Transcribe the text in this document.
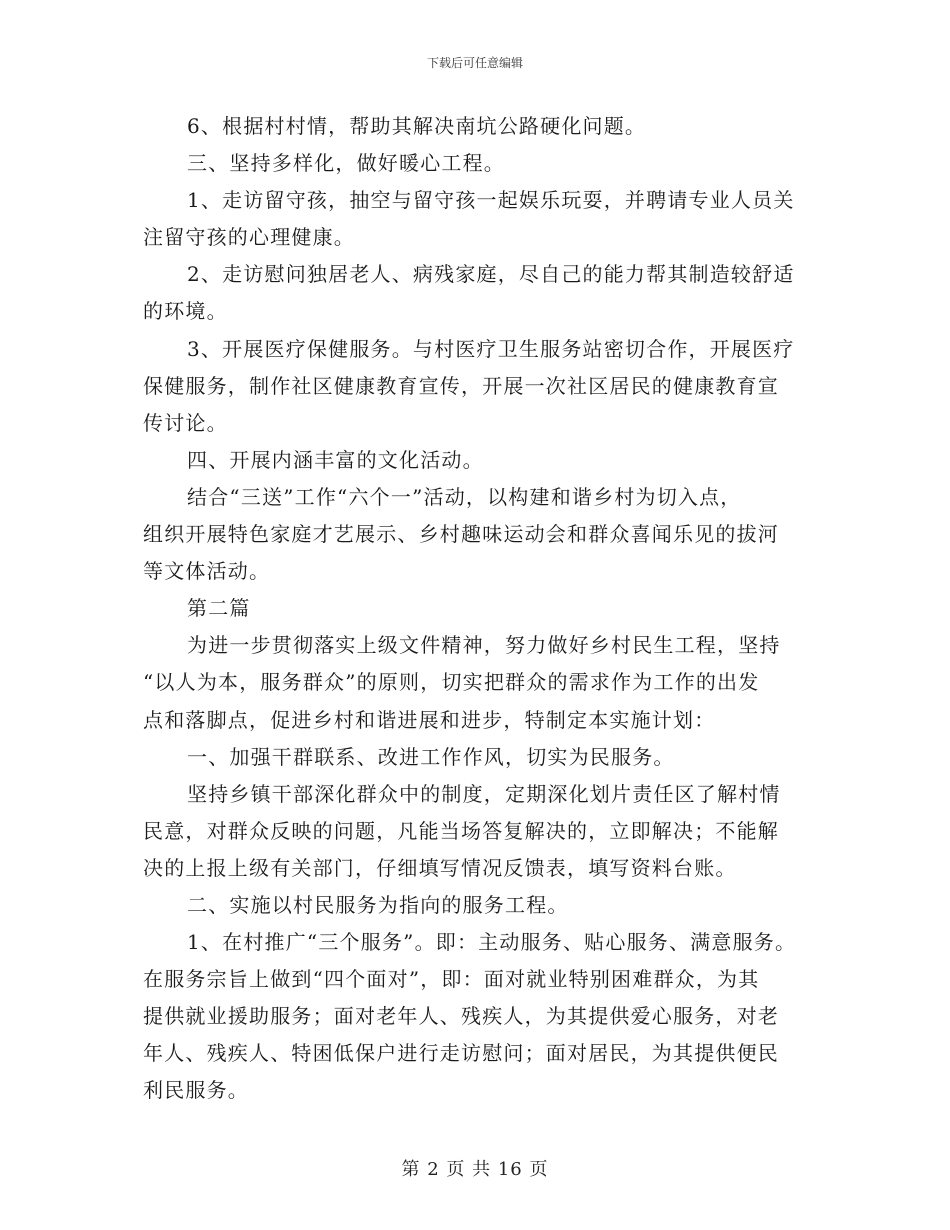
下载后可任意编辑
6、根据村村情，帮助其解决南坑公路硬化问题。
三、坚持多样化，做好暖心工程。
1、走访留守孩，抽空与留守孩一起娱乐玩耍，并聘请专业人员关
注留守孩的心理健康。
2、走访慰问独居老人、病残家庭，尽自己的能力帮其制造较舒适
的环境。
3、开展医疗保健服务。与村医疗卫生服务站密切合作，开展医疗
保健服务，制作社区健康教育宣传，开展一次社区居民的健康教育宣
传讨论。
四、开展内涵丰富的文化活动。
结合“三送”工作“六个一”活动，以构建和谐乡村为切入点，
组织开展特色家庭才艺展示、乡村趣味运动会和群众喜闻乐见的拔河
等文体活动。
第二篇
为进一步贯彻落实上级文件精神，努力做好乡村民生工程，坚持
“以人为本，服务群众”的原则，切实把群众的需求作为工作的出发
点和落脚点，促进乡村和谐进展和进步，特制定本实施计划：
一、加强干群联系、改进工作作风，切实为民服务。
坚持乡镇干部深化群众中的制度，定期深化划片责任区了解村情
民意，对群众反映的问题，凡能当场答复解决的，立即解决；不能解
决的上报上级有关部门，仔细填写情况反馈表，填写资料台账。
二、实施以村民服务为指向的服务工程。
1、在村推广“三个服务”。即：主动服务、贴心服务、满意服务。
在服务宗旨上做到“四个面对”，即：面对就业特别困难群众，为其
提供就业援助服务；面对老年人、残疾人，为其提供爱心服务，对老
年人、残疾人、特困低保户进行走访慰问；面对居民，为其提供便民
利民服务。
第 2 页 共 16 页
